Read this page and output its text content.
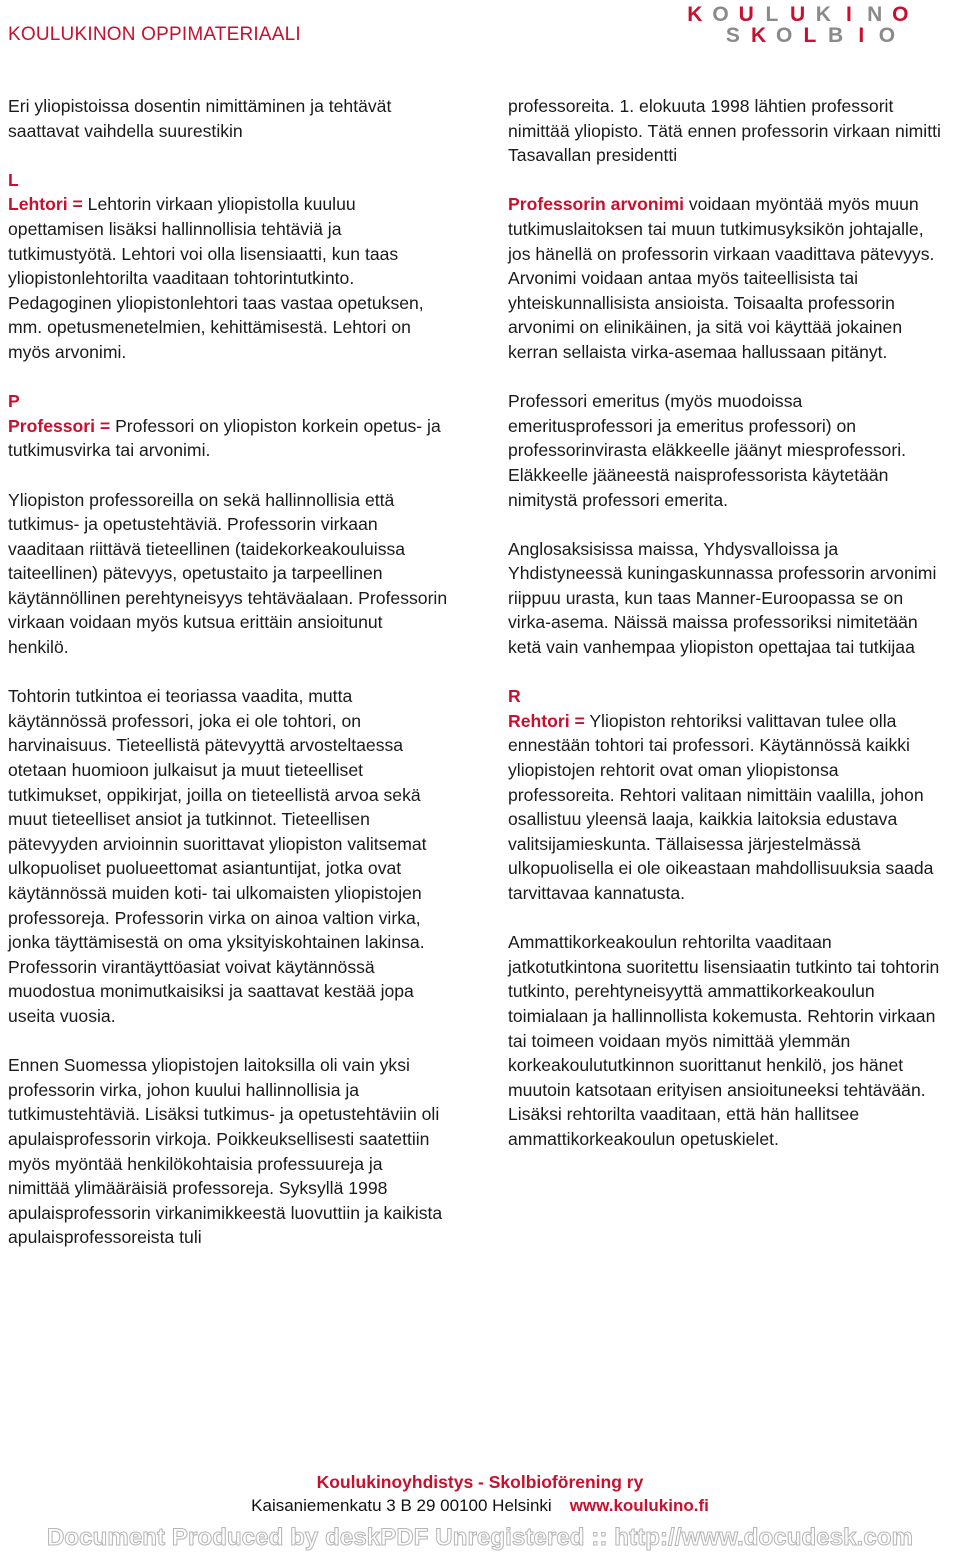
KOULUKINON OPPIMATERIAALI
K O U L U K I N O
S K O L B I O

Eri yliopistoissa dosentin nimittäminen ja tehtävät saattavat vaihdella suurestikin

L
Lehtori = Lehtorin virkaan yliopistolla kuuluu opettamisen lisäksi hallinnollisia tehtäviä ja tutkimustyötä. Lehtori voi olla lisensiaatti, kun taas yliopistonlehtorilta vaaditaan tohtorintutkinto. Pedagoginen yliopistonlehtori taas vastaa opetuksen, mm. opetusmenetelmien, kehittämisestä. Lehtori on myös arvonimi.

P
Professori = Professori on yliopiston korkein opetus- ja tutkimusvirka tai arvonimi.

Yliopiston professoreilla on sekä hallinnollisia että tutkimus- ja opetustehtäviä. Professorin virkaan vaaditaan riittävä tieteellinen (taidekorkeakouluissa taiteellinen) pätevyys, opetustaito ja tarpeellinen käytännöllinen perehtyneisyys tehtäväalaan. Professorin virkaan voidaan myös kutsua erittäin ansioitunut henkilö.

Tohtorin tutkintoa ei teoriassa vaadita, mutta käytännössä professori, joka ei ole tohtori, on harvinaisuus. Tieteellistä pätevyyttä arvosteltaessa otetaan huomioon julkaisut ja muut tieteelliset tutkimukset, oppikirjat, joilla on tieteellistä arvoa sekä muut tieteelliset ansiot ja tutkinnot. Tieteellisen pätevyyden arvioinnin suorittavat yliopiston valitsemat ulkopuoliset puolueettomat asiantuntijat, jotka ovat käytännössä muiden koti- tai ulkomaisten yliopistojen professoreja. Professorin virka on ainoa valtion virka, jonka täyttämisestä on oma yksityiskohtainen lakinsa. Professorin virantäyttöasiat voivat käytännössä muodostua monimutkaisiksi ja saattavat kestää jopa useita vuosia.

Ennen Suomessa yliopistojen laitoksilla oli vain yksi professorin virka, johon kuului hallinnollisia ja tutkimustehtäviä. Lisäksi tutkimus- ja opetustehtäviin oli apulaisprofessorin virkoja. Poikkeuksellisesti saatettiin myös myöntää henkilökohtaisia professuureja ja nimittää ylimääräisiä professoreja. Syksyllä 1998 apulaisprofessorin virkanimikkeestä luovuttiin ja kaikista apulaisprofessoreista tuli

professoreita. 1. elokuuta 1998 lähtien professorit nimittää yliopisto. Tätä ennen professorin virkaan nimitti Tasavallan presidentti

Professorin arvonimi voidaan myöntää myös muun tutkimuslaitoksen tai muun tutkimusyksikön johtajalle, jos hänellä on professorin virkaan vaadittava pätevyys. Arvonimi voidaan antaa myös taiteellisista tai yhteiskunnallisista ansioista. Toisaalta professorin arvonimi on elinikäinen, ja sitä voi käyttää jokainen kerran sellaista virka-asemaa hallussaan pitänyt.

Professori emeritus (myös muodoissa emeritusprofessori ja emeritus professori) on professorinvirasta eläkkeelle jäänyt miesprofessori. Eläkkeelle jääneestä naisprofessorista käytetään nimitystä professori emerita.

Anglosaksisissa maissa, Yhdysvalloissa ja Yhdistyneessä kuningaskunnassa professorin arvonimi riippuu urasta, kun taas Manner-Euroopassa se on virka-asema. Näissä maissa professoriksi nimitetään ketä vain vanhempaa yliopiston opettajaa tai tutkijaa

R
Rehtori = Yliopiston rehtoriksi valittavan tulee olla ennestään tohtori tai professori. Käytännössä kaikki yliopistojen rehtorit ovat oman yliopistonsa professoreita. Rehtori valitaan nimittäin vaalilla, johon osallistuu yleensä laaja, kaikkia laitoksia edustava valitsijamieskunta. Tällaisessa järjestelmässä ulkopuolisella ei ole oikeastaan mahdollisuuksia saada tarvittavaa kannatusta.

Ammattikorkeakoulun rehtorilta vaaditaan jatkotutkintona suoritettu lisensiaatin tutkinto tai tohtorin tutkinto, perehtyneisyyttä ammattikorkeakoulun toimialaan ja hallinnollista kokemusta. Rehtorin virkaan tai toimeen voidaan myös nimittää ylemmän korkeakoulututkinnon suorittanut henkilö, jos hänet muutoin katsotaan erityisen ansioituneeksi tehtävään. Lisäksi rehtorilta vaaditaan, että hän hallitsee ammattikorkeakoulun opetuskielet.

Koulukinoyhdistys - Skolbioförening ry
Kaisaniemenkatu 3 B 29 00100 Helsinki www.koulukino.fi
Document Produced by deskPDF Unregistered :: http://www.docudesk.com
